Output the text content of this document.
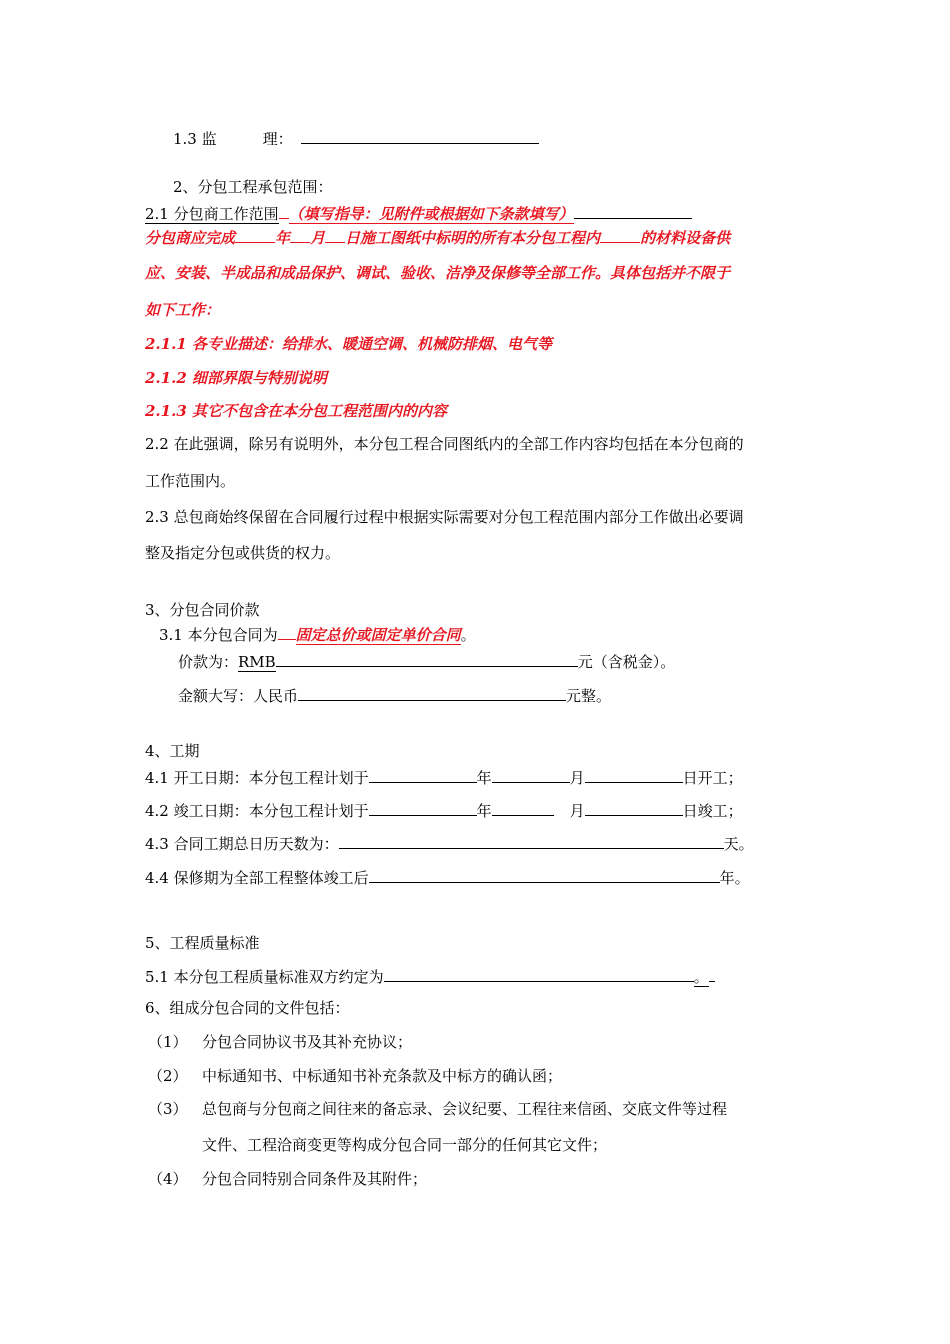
1.3 监	理：
2、分包工程承包范围：
2.1 分包商工作范围 （填写指导：见附件或根据如下条款填写）
分包商应完成	年 月 日施工图纸中标明的所有本分包工程内	的材料设备供
应、安装、半成品和成品保护、调试、验收、洁净及保修等全部工作。具体包括并不限于
如下工作：
2.1.1 各专业描述：给排水、暖通空调、机械防排烟、电气等
2.1.2 细部界限与特别说明
2.1.3 其它不包含在本分包工程范围内的内容
2.2 在此强调，除另有说明外，本分包工程合同图纸内的全部工作内容均包括在本分包商的
工作范围内。
2.3 总包商始终保留在合同履行过程中根据实际需要对分包工程范围内部分工作做出必要调
整及指定分包或供货的权力。
3、分包合同价款
3.1 本分包合同为 固定总价或固定单价合同。
价款为：RMB	元（含税金）。
金额大写：人民币	元整。
4、工期
4.1 开工日期：本分包工程计划于	年	月	日开工；
4.2 竣工日期：本分包工程计划于	年	月	日竣工；
4.3 合同工期总日历天数为：	天。
4.4 保修期为全部工程整体竣工后	年。
5、工程质量标准
5.1 本分包工程质量标准双方约定为	。
6、组成分包合同的文件包括：
（1） 分包合同协议书及其补充协议；
（2） 中标通知书、中标通知书补充条款及中标方的确认函；
（3） 总包商与分包商之间往来的备忘录、会议纪要、工程往来信函、交底文件等过程
文件、工程洽商变更等构成分包合同一部分的任何其它文件；
（4） 分包合同特别合同条件及其附件；
